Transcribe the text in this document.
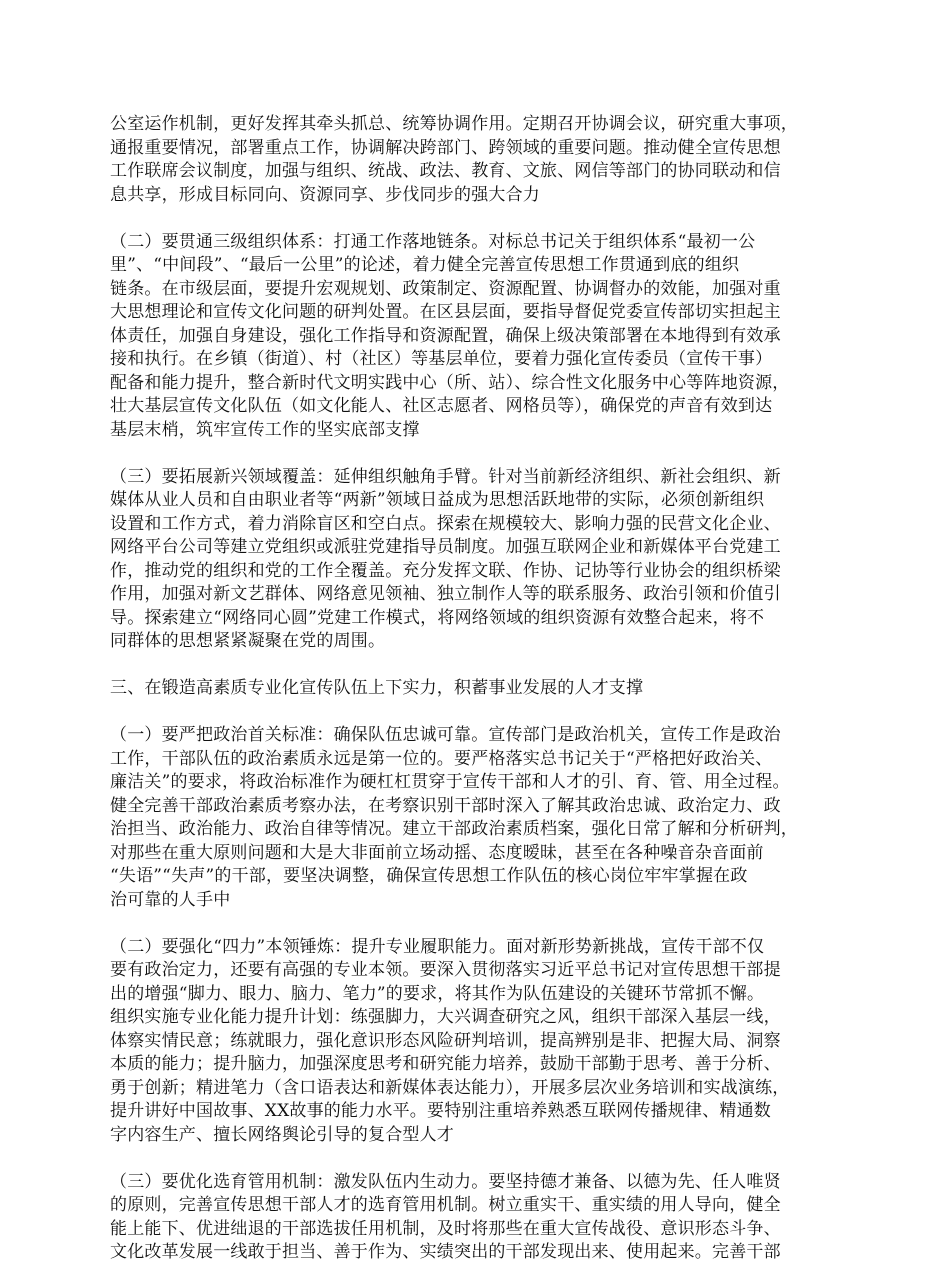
公室运作机制，更好发挥其牵头抓总、统筹协调作用。定期召开协调会议，研究重大事项，
通报重要情况，部署重点工作，协调解决跨部门、跨领域的重要问题。推动健全宣传思想
工作联席会议制度，加强与组织、统战、政法、教育、文旅、网信等部门的协同联动和信
息共享，形成目标同向、资源同享、步伐同步的强大合力
（二）要贯通三级组织体系：打通工作落地链条。对标总书记关于组织体系“最初一公
里”、“中间段”、“最后一公里”的论述，着力健全完善宣传思想工作贯通到底的组织
链条。在市级层面，要提升宏观规划、政策制定、资源配置、协调督办的效能，加强对重
大思想理论和宣传文化问题的研判处置。在区县层面，要指导督促党委宣传部切实担起主
体责任，加强自身建设，强化工作指导和资源配置，确保上级决策部署在本地得到有效承
接和执行。在乡镇（街道）、村（社区）等基层单位，要着力强化宣传委员（宣传干事）
配备和能力提升，整合新时代文明实践中心（所、站）、综合性文化服务中心等阵地资源，
壮大基层宣传文化队伍（如文化能人、社区志愿者、网格员等），确保党的声音有效到达
基层末梢，筑牢宣传工作的坚实底部支撑
（三）要拓展新兴领域覆盖：延伸组织触角手臂。针对当前新经济组织、新社会组织、新
媒体从业人员和自由职业者等“两新”领域日益成为思想活跃地带的实际，必须创新组织
设置和工作方式，着力消除盲区和空白点。探索在规模较大、影响力强的民营文化企业、
网络平台公司等建立党组织或派驻党建指导员制度。加强互联网企业和新媒体平台党建工
作，推动党的组织和党的工作全覆盖。充分发挥文联、作协、记协等行业协会的组织桥梁
作用，加强对新文艺群体、网络意见领袖、独立制作人等的联系服务、政治引领和价值引
导。探索建立“网络同心圆”党建工作模式，将网络领域的组织资源有效整合起来，将不
同群体的思想紧紧凝聚在党的周围。
三、在锻造高素质专业化宣传队伍上下实力，积蓄事业发展的人才支撑
（一）要严把政治首关标准：确保队伍忠诚可靠。宣传部门是政治机关，宣传工作是政治
工作，干部队伍的政治素质永远是第一位的。要严格落实总书记关于“严格把好政治关、
廉洁关”的要求，将政治标准作为硬杠杠贯穿于宣传干部和人才的引、育、管、用全过程。
健全完善干部政治素质考察办法，在考察识别干部时深入了解其政治忠诚、政治定力、政
治担当、政治能力、政治自律等情况。建立干部政治素质档案，强化日常了解和分析研判，
对那些在重大原则问题和大是大非面前立场动摇、态度暧昧，甚至在各种噪音杂音面前
“失语”“失声”的干部，要坚决调整，确保宣传思想工作队伍的核心岗位牢牢掌握在政
治可靠的人手中
（二）要强化“四力”本领锤炼：提升专业履职能力。面对新形势新挑战，宣传干部不仅
要有政治定力，还要有高强的专业本领。要深入贯彻落实习近平总书记对宣传思想干部提
出的增强“脚力、眼力、脑力、笔力”的要求，将其作为队伍建设的关键环节常抓不懈。
组织实施专业化能力提升计划：练强脚力，大兴调查研究之风，组织干部深入基层一线，
体察实情民意；练就眼力，强化意识形态风险研判培训，提高辨别是非、把握大局、洞察
本质的能力；提升脑力，加强深度思考和研究能力培养，鼓励干部勤于思考、善于分析、
勇于创新；精进笔力（含口语表达和新媒体表达能力），开展多层次业务培训和实战演练，
提升讲好中国故事、XX故事的能力水平。要特别注重培养熟悉互联网传播规律、精通数
字内容生产、擅长网络舆论引导的复合型人才
（三）要优化选育管用机制：激发队伍内生动力。要坚持德才兼备、以德为先、任人唯贤
的原则，完善宣传思想干部人才的选育管用机制。树立重实干、重实绩的用人导向，健全
能上能下、优进绌退的干部选拔任用机制，及时将那些在重大宣传战役、意识形态斗争、
文化改革发展一线敢于担当、善于作为、实绩突出的干部发现出来、使用起来。完善干部
